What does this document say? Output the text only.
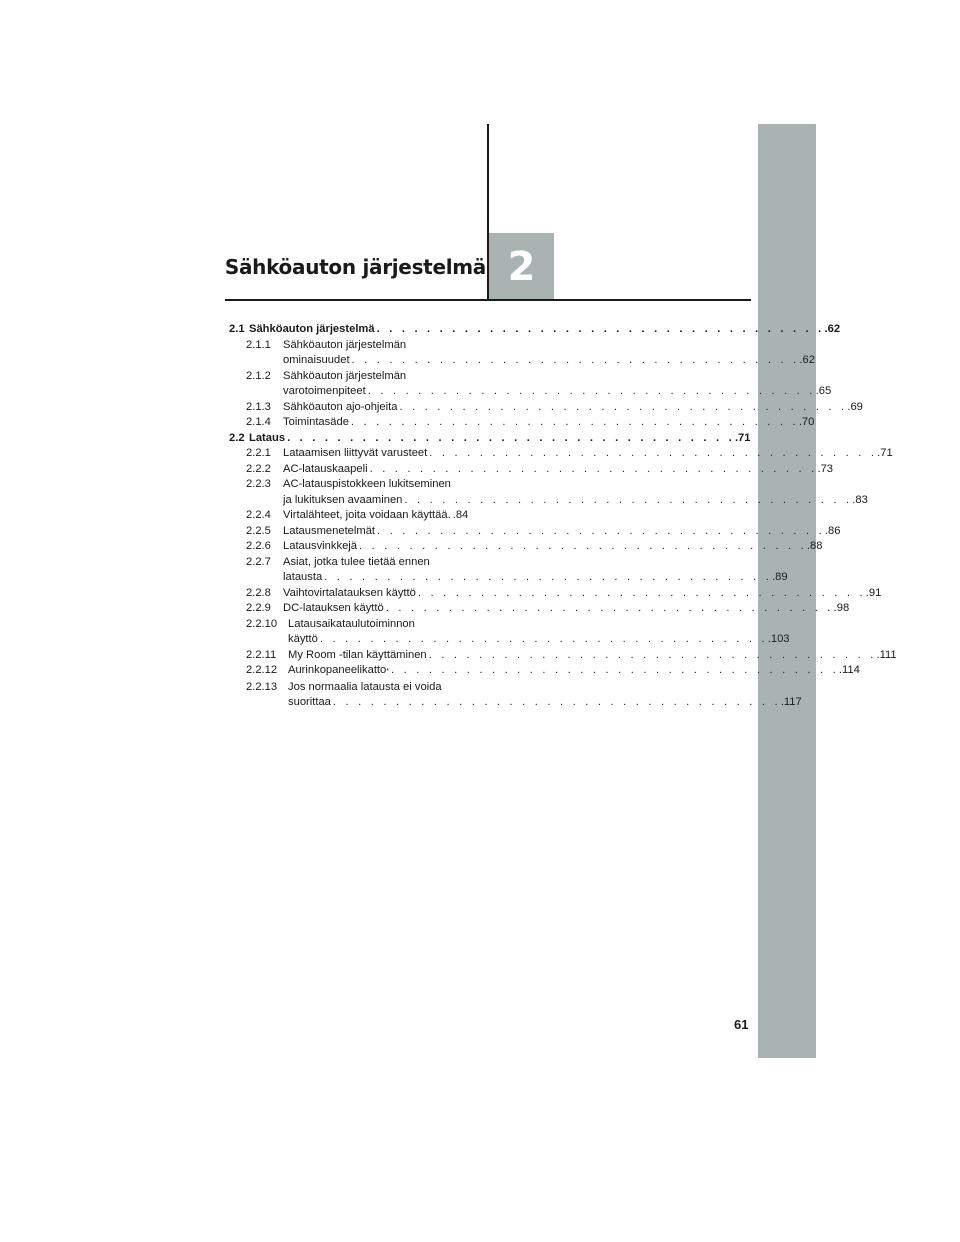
Sähköauton järjestelmä 2
2.1 Sähköauton järjestelmä . . . . . . . . . . . . . . . . . . . . . . . . . . . . . . . . . . . . .62
2.1.1	Sähköauton järjestelmän
ominaisuudet . . . . . . . . . . . . . . . . . . . . . . . . . . . . . . . . . . . . .62
2.1.2	Sähköauton järjestelmän
varotoimenpiteet . . . . . . . . . . . . . . . . . . . . . . . . . . . . . . . . . . . . .65
2.1.3	Sähköauton ajo-ohjeita . . . . . . . . . . . . . . . . . . . . . . . . . . . . . . . . . . . . .69
2.1.4	Toimintasäde . . . . . . . . . . . . . . . . . . . . . . . . . . . . . . . . . . . . .70
2.2 Lataus . . . . . . . . . . . . . . . . . . . . . . . . . . . . . . . . . . . . .71
2.2.1	Lataamisen liittyvät varusteet . . . . . . . . . . . . . . . . . . . . . . . . . . . . . . . . . . . . .71
2.2.2	AC-latauskaapeli . . . . . . . . . . . . . . . . . . . . . . . . . . . . . . . . . . . . .73
2.2.3	AC-latauspistokkeen lukitseminen
ja lukituksen avaaminen . . . . . . . . . . . . . . . . . . . . . . . . . . . . . . . . . . . . .83
2.2.4	Virtalähteet, joita voidaan käyttää. .84
2.2.5	Latausmenetelmät . . . . . . . . . . . . . . . . . . . . . . . . . . . . . . . . . . . . .86
2.2.6	Latausvinkkejä . . . . . . . . . . . . . . . . . . . . . . . . . . . . . . . . . . . . .88
2.2.7	Asiat, jotka tulee tietää ennen
latausta . . . . . . . . . . . . . . . . . . . . . . . . . . . . . . . . . . . . .89
2.2.8	Vaihtovirtalatauksen käyttö . . . . . . . . . . . . . . . . . . . . . . . . . . . . . . . . . . . . .91
2.2.9	DC-latauksen käyttö . . . . . . . . . . . . . . . . . . . . . . . . . . . . . . . . . . . . .98
2.2.10 Latausaikataulutoiminnon
käyttö . . . . . . . . . . . . . . . . . . . . . . . . . . . . . . . . . . . . .103
2.2.11	My Room -tilan käyttäminen . . . . . . . . . . . . . . . . . . . . . . . . . . . . . . . . . . . . .111
2.2.12 Aurinkopaneelikatto * . . . . . . . . . . . . . . . . . . . . . . . . . . . . . . . . . . . . .114
2.2.13 Jos normaalia latausta ei voida
suorittaa . . . . . . . . . . . . . . . . . . . . . . . . . . . . . . . . . . . . .117
61
